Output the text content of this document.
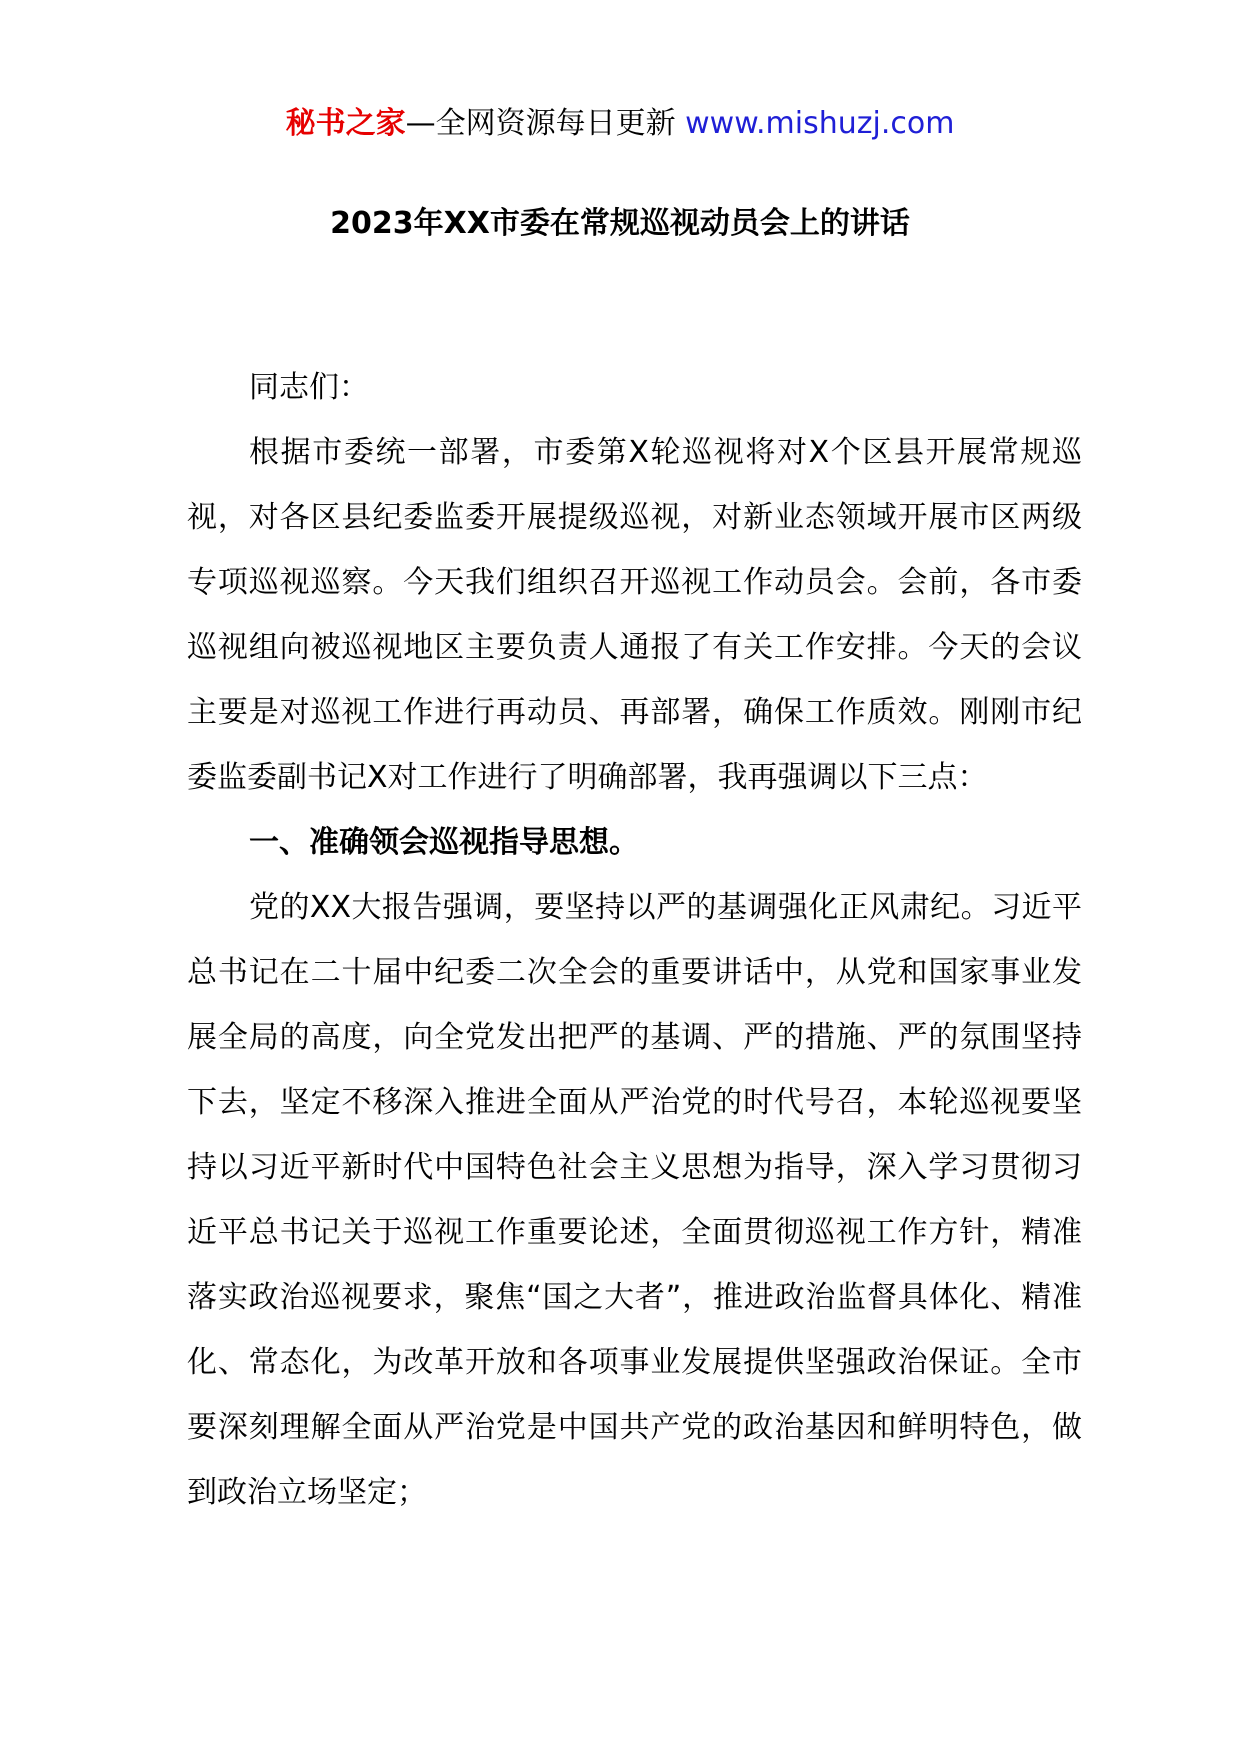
秘书之家—全网资源每日更新 www.mishuzj.com
2023年XX市委在常规巡视动员会上的讲话

同志们：

根据市委统一部署，市委第X轮巡视将对X个区县开展常规巡视，对各区县纪委监委开展提级巡视，对新业态领域开展市区两级专项巡视巡察。今天我们组织召开巡视工作动员会。会前，各市委巡视组向被巡视地区主要负责人通报了有关工作安排。今天的会议主要是对巡视工作进行再动员、再部署，确保工作质效。刚刚市纪委监委副书记X对工作进行了明确部署，我再强调以下三点：

一、准确领会巡视指导思想。

党的XX大报告强调，要坚持以严的基调强化正风肃纪。习近平总书记在二十届中纪委二次全会的重要讲话中，从党和国家事业发展全局的高度，向全党发出把严的基调、严的措施、严的氛围坚持下去，坚定不移深入推进全面从严治党的时代号召，本轮巡视要坚持以习近平新时代中国特色社会主义思想为指导，深入学习贯彻习近平总书记关于巡视工作重要论述，全面贯彻巡视工作方针，精准落实政治巡视要求，聚焦“国之大者”，推进政治监督具体化、精准化、常态化，为改革开放和各项事业发展提供坚强政治保证。全市要深刻理解全面从严治党是中国共产党的政治基因和鲜明特色，做到政治立场坚定；
